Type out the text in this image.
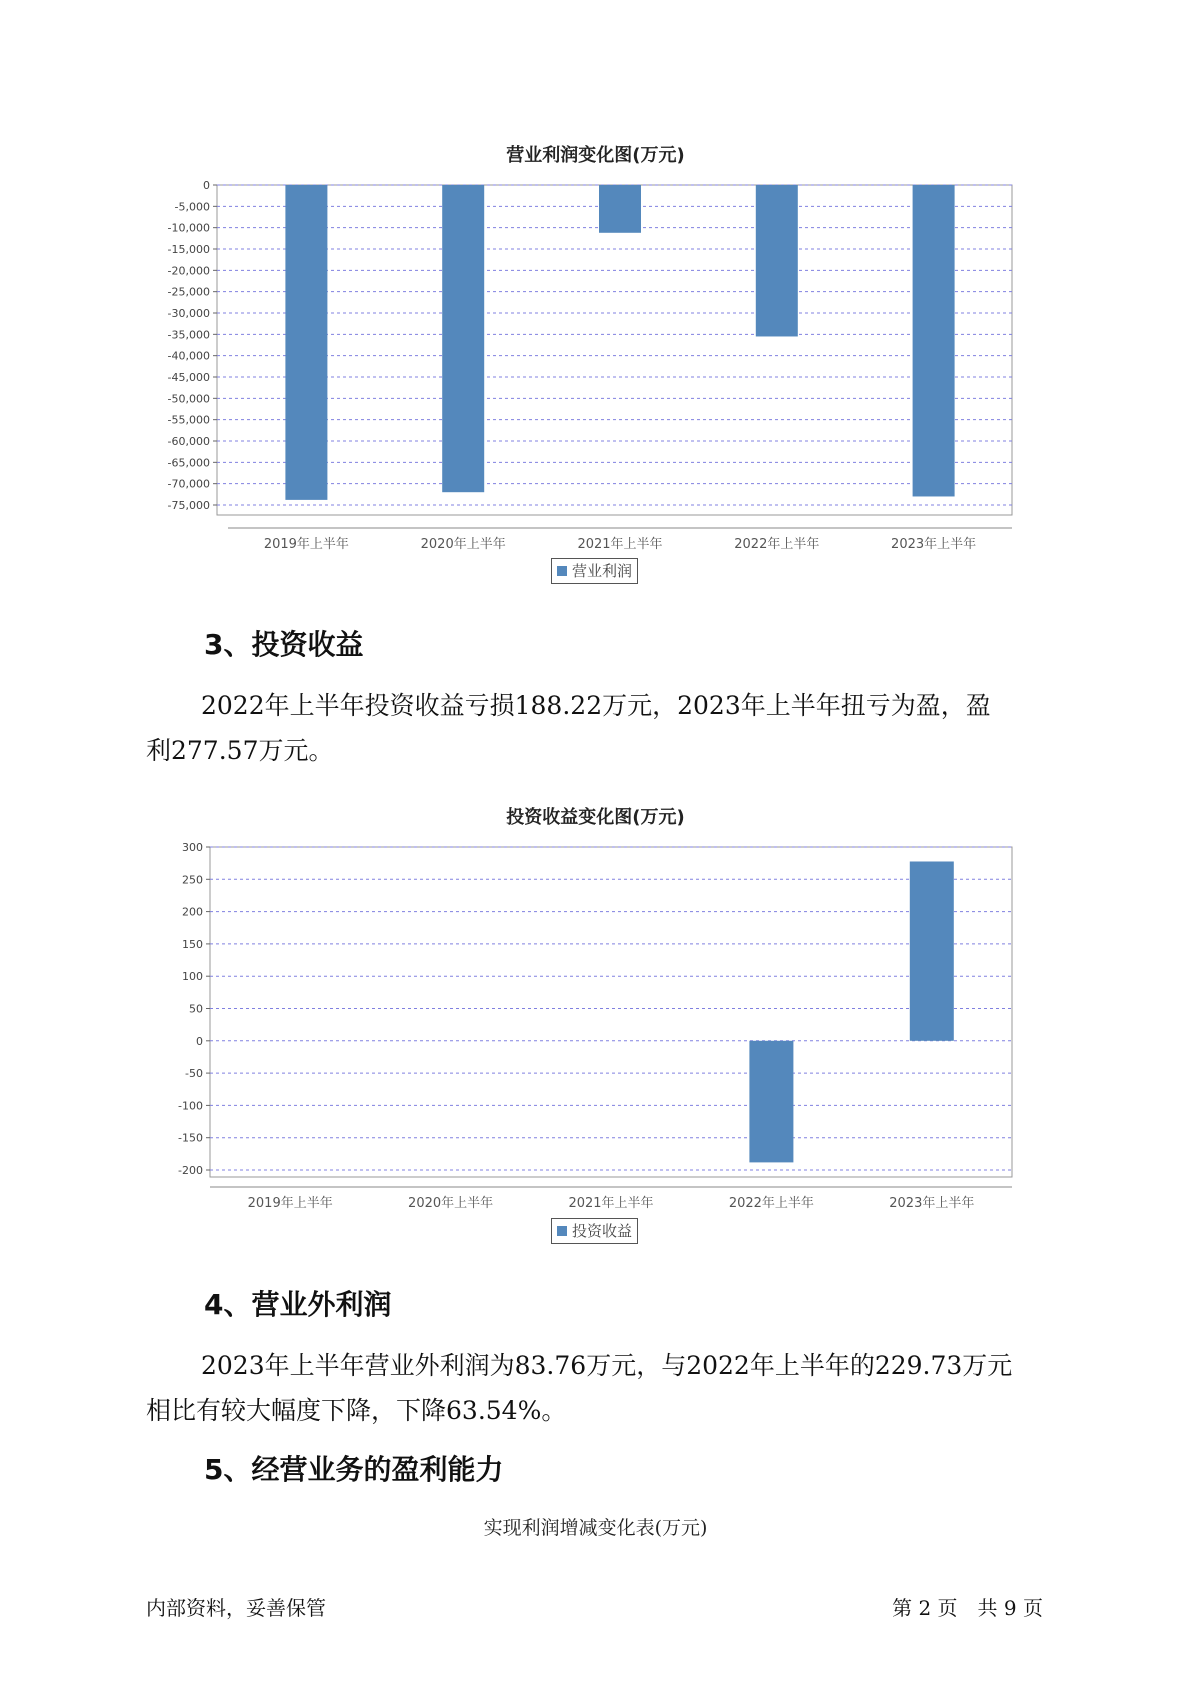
营业利润变化图(万元)
0
-5,000
-10,000
-15,000
-20,000
-25,000
-30,000
-35,000
-40,000
-45,000
-50,000
-55,000
-60,000
-65,000
-70,000
-75,000
2019年上半年	2020年上半年	2021年上半年	2022年上半年	2023年上半年
营业利润
3、投资收益
2022年上半年投资收益亏损188.22万元，2023年上半年扭亏为盈，盈
利277.57万元。
投资收益变化图(万元)
300
250
200
150
100
50
0
-50
-100
-150
-200
2019年上半年	2020年上半年	2021年上半年	2022年上半年	2023年上半年
投资收益
4、营业外利润
2023年上半年营业外利润为83.76万元，与2022年上半年的229.73万元
相比有较大幅度下降，下降63.54%。
5、经营业务的盈利能力
实现利润增减变化表(万元)
内部资料，妥善保管	第 2 页　共 9 页
